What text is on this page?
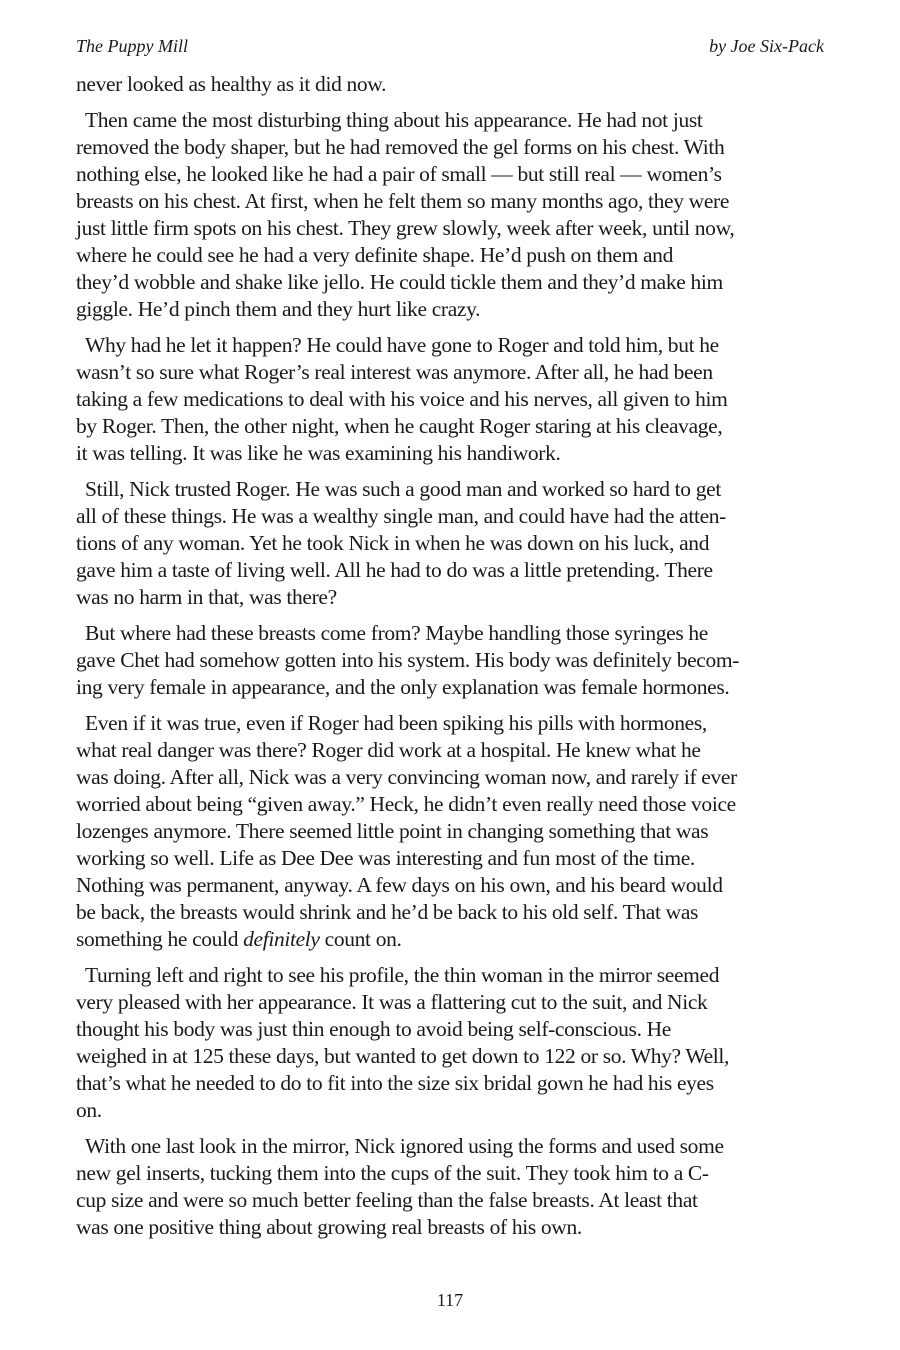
The Puppy Mill	by Joe Six-Pack
never looked as healthy as it did now.
Then came the most disturbing thing about his appearance. He had not just
removed the body shaper, but he had removed the gel forms on his chest. With
nothing else, he looked like he had a pair of small — but still real — women’s
breasts on his chest. At first, when he felt them so many months ago, they were
just little firm spots on his chest. They grew slowly, week after week, until now,
where he could see he had a very definite shape. He’d push on them and
they’d wobble and shake like jello. He could tickle them and they’d make him
giggle. He’d pinch them and they hurt like crazy.
Why had he let it happen? He could have gone to Roger and told him, but he
wasn’t so sure what Roger’s real interest was anymore. After all, he had been
taking a few medications to deal with his voice and his nerves, all given to him
by Roger. Then, the other night, when he caught Roger staring at his cleavage,
it was telling. It was like he was examining his handiwork.
Still, Nick trusted Roger. He was such a good man and worked so hard to get
all of these things. He was a wealthy single man, and could have had the atten-
tions of any woman. Yet he took Nick in when he was down on his luck, and
gave him a taste of living well. All he had to do was a little pretending. There
was no harm in that, was there?
But where had these breasts come from? Maybe handling those syringes he
gave Chet had somehow gotten into his system. His body was definitely becom-
ing very female in appearance, and the only explanation was female hormones.
Even if it was true, even if Roger had been spiking his pills with hormones,
what real danger was there? Roger did work at a hospital. He knew what he
was doing. After all, Nick was a very convincing woman now, and rarely if ever
worried about being “given away.” Heck, he didn’t even really need those voice
lozenges anymore. There seemed little point in changing something that was
working so well. Life as Dee Dee was interesting and fun most of the time.
Nothing was permanent, anyway. A few days on his own, and his beard would
be back, the breasts would shrink and he’d be back to his old self. That was
something he could definitely count on.
Turning left and right to see his profile, the thin woman in the mirror seemed
very pleased with her appearance. It was a flattering cut to the suit, and Nick
thought his body was just thin enough to avoid being self-conscious. He
weighed in at 125 these days, but wanted to get down to 122 or so. Why? Well,
that’s what he needed to do to fit into the size six bridal gown he had his eyes
on.
With one last look in the mirror, Nick ignored using the forms and used some
new gel inserts, tucking them into the cups of the suit. They took him to a C-
cup size and were so much better feeling than the false breasts. At least that
was one positive thing about growing real breasts of his own.
117
